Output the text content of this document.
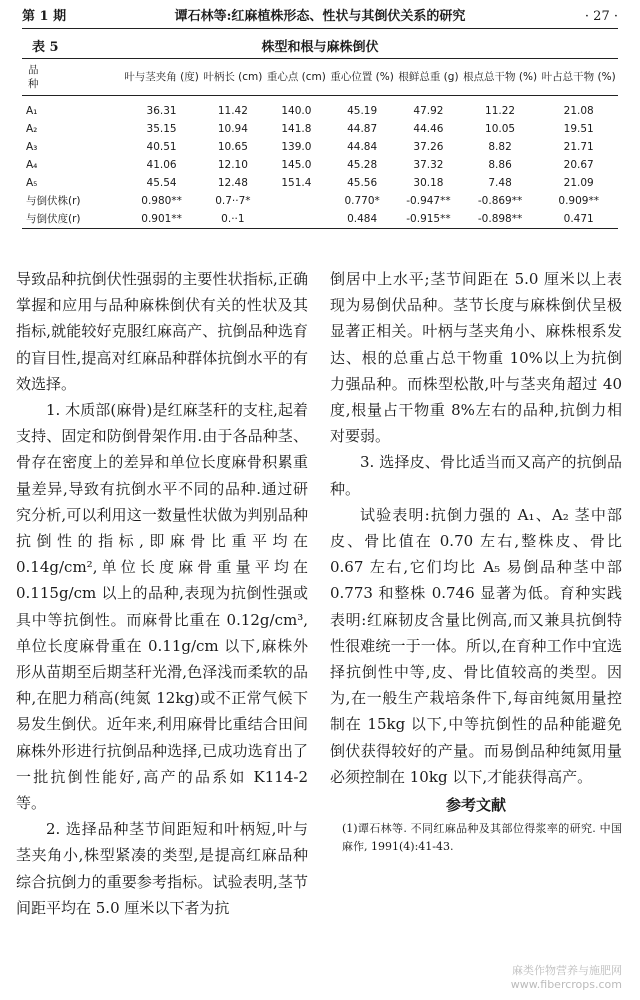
第 1 期	谭石林等:红麻植株形态、性状与其倒伏关系的研究	· 27 ·
表 5	株型和根与麻株倒伏
品 种	叶与茎夹角 (度)	叶柄长 (cm)	重心点 (cm)	重心位置 (%)	根鲜总重 (g)	根点总干物 (%)	叶占总干物 (%)
A₁	36.31	11.42	140.0	45.19	47.92	11.22	21.08
A₂	35.15	10.94	141.8	44.87	44.46	10.05	19.51
A₃	40.51	10.65	139.0	44.84	37.26	8.82	21.71
A₄	41.06	12.10	145.0	45.28	37.32	8.86	20.67
A₅	45.54	12.48	151.4	45.56	30.18	7.48	21.09
与倒伏株(r)	0.980**	0.7··7*		0.770*	-0.947**	-0.869**	0.909**
与倒伏度(r)	0.901**	0.··1		0.484	-0.915**	-0.898**	0.471

导致品种抗倒伏性强弱的主要性状指标,正确掌握和应用与品种麻株倒伏有关的性状及其指标,就能较好克服红麻高产、抗倒品种选育的盲目性,提高对红麻品种群体抗倒水平的有效选择。

1. 木质部(麻骨)是红麻茎秆的支柱,起着支持、固定和防倒骨架作用.由于各品种茎、骨存在密度上的差异和单位长度麻骨积累重量差异,导致有抗倒水平不同的品种.通过研究分析,可以利用这一数量性状做为判别品种抗倒性的指标,即麻骨比重平均在 0.14g/cm²,单位长度麻骨重量平均在 0.115g/cm 以上的品种,表现为抗倒性强或具中等抗倒性。而麻骨比重在 0.12g/cm³,单位长度麻骨重在 0.11g/cm 以下,麻株外形从苗期至后期茎秆光滑,色泽浅而柔软的品种,在肥力稍高(纯氮 12kg)或不正常气候下易发生倒伏。近年来,利用麻骨比重结合田间麻株外形进行抗倒品种选择,已成功选育出了一批抗倒性能好,高产的品系如 K114-2 等。

2. 选择品种茎节间距短和叶柄短,叶与茎夹角小,株型紧凑的类型,是提高红麻品种综合抗倒力的重要参考指标。试验表明,茎节间距平均在 5.0 厘米以下者为抗

倒居中上水平;茎节间距在 5.0 厘米以上表现为易倒伏品种。茎节长度与麻株倒伏呈极显著正相关。叶柄与茎夹角小、麻株根系发达、根的总重占总干物重 10%以上为抗倒力强品种。而株型松散,叶与茎夹角超过 40 度,根量占干物重 8%左右的品种,抗倒力相对要弱。

3. 选择皮、骨比适当而又高产的抗倒品种。

试验表明:抗倒力强的 A₁、A₂ 茎中部皮、骨比值在 0.70 左右,整株皮、骨比 0.67 左右,它们均比 A₅ 易倒品种茎中部 0.773 和整株 0.746 显著为低。育种实践表明:红麻韧皮含量比例高,而又兼具抗倒特性很难统一于一体。所以,在育种工作中宜选择抗倒性中等,皮、骨比值较高的类型。因为,在一般生产栽培条件下,每亩纯氮用量控制在 15kg 以下,中等抗倒性的品种能避免倒伏获得较好的产量。而易倒品种纯氮用量必须控制在 10kg 以下,才能获得高产。

参考文献

(1)谭石林等. 不同红麻品种及其部位得浆率的研究. 中国麻作, 1991(4):41-43.

麻类作物营养与施肥网
www.fibercrops.com
